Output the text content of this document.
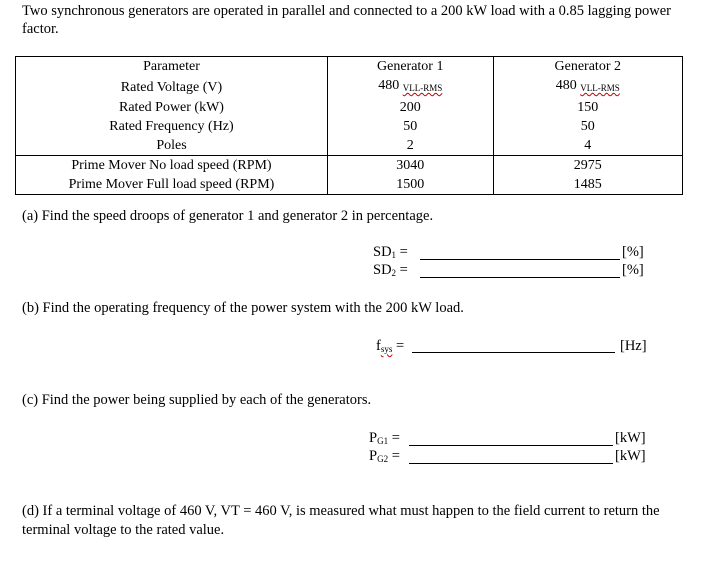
Two synchronous generators are operated in parallel and connected to a 200 kW load with a 0.85 lagging power factor.
Parameter	Generator 1	Generator 2
Rated Voltage (V)	480 $_{VLL-RMS}$	480 $_{VLL-RMS}$
Rated Power (kW)	200	150
Rated Frequency (Hz)	50	50
Poles	2	4
Prime Mover No load speed (RPM)	3040	2975
Prime Mover Full load speed (RPM)	1500	1485
(a) Find the speed droops of generator 1 and generator 2 in percentage.
$SD_1$ =	[%]
$SD_2$ =	[%]
(b) Find the operating frequency of the power system with the 200 kW load.
$f_{sys}$ =	[Hz]
(c) Find the power being supplied by each of the generators.
$P_{G1}$ =	[kW]
$P_{G2}$ =	[kW]
(d) If a terminal voltage of 460 V, VT = 460 V, is measured what must happen to the field current to return the terminal voltage to the rated value.
